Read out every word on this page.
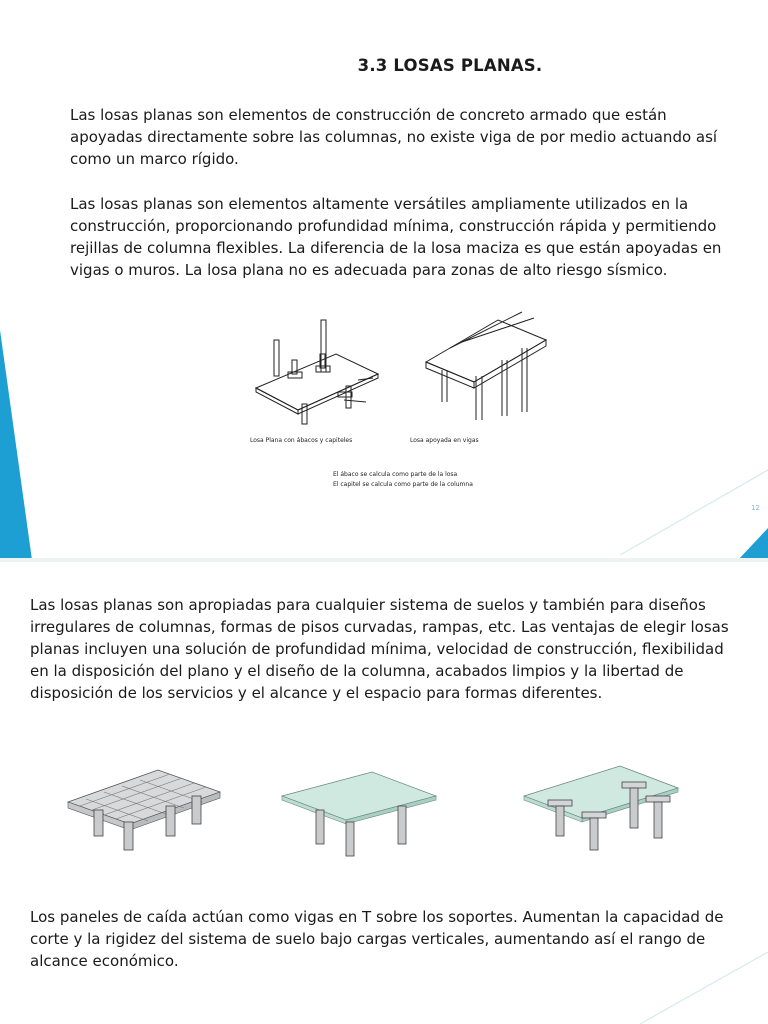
3.3 LOSAS PLANAS.

Las losas planas son elementos de construcción de concreto armado que están apoyadas directamente sobre las columnas, no existe viga de por medio actuando así como un marco rígido.

Las losas planas son elementos altamente versátiles ampliamente utilizados en la construcción, proporcionando profundidad mínima, construcción rápida y permitiendo rejillas de columna flexibles. La diferencia de la losa maciza es que están apoyadas en vigas o muros. La losa plana no es adecuada para zonas de alto riesgo sísmico.

Losa Plana con ábacos y capiteles	Losa apoyada en vigas
El ábaco se calcula como parte de la losa
El capitel se calcula como parte de la columna
12

Las losas planas son apropiadas para cualquier sistema de suelos y también para diseños irregulares de columnas, formas de pisos curvadas, rampas, etc. Las ventajas de elegir losas planas incluyen una solución de profundidad mínima, velocidad de construcción, flexibilidad en la disposición del plano y el diseño de la columna, acabados limpios y la libertad de disposición de los servicios y el alcance y el espacio para formas diferentes.

Los paneles de caída actúan como vigas en T sobre los soportes. Aumentan la capacidad de corte y la rigidez del sistema de suelo bajo cargas verticales, aumentando así el rango de alcance económico.
